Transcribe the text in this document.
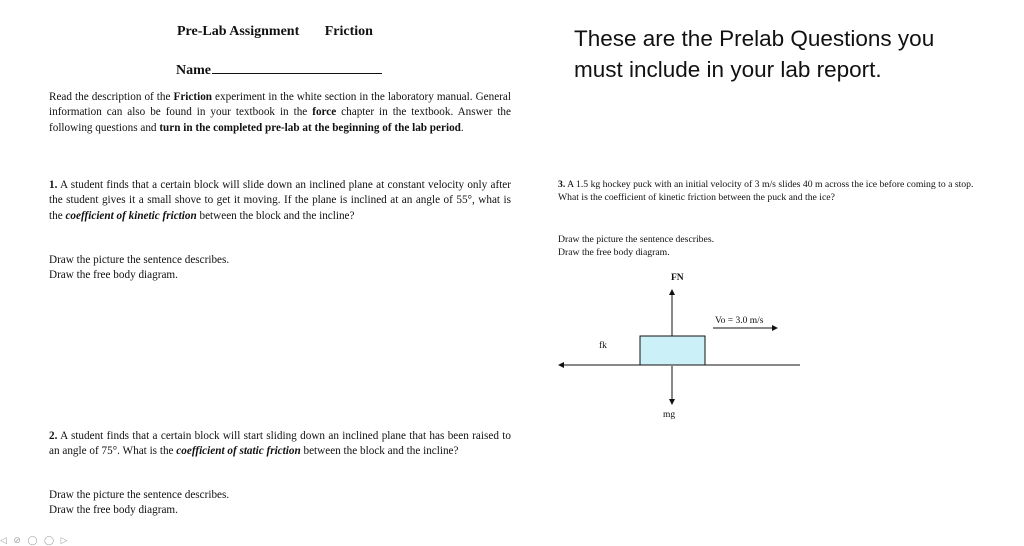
Pre-Lab Assignment Friction
Name
Read the description of the Friction experiment in the white section in the laboratory manual. General information can also be found in your textbook in the force chapter in the textbook. Answer the following questions and turn in the completed pre-lab at the beginning of the lab period.
These are the Prelab Questions you
must include in your lab report.
1. A student finds that a certain block will slide down an inclined plane at constant velocity only after the student gives it a small shove to get it moving. If the plane is inclined at an angle of 55°, what is the coefficient of kinetic friction between the block and the incline?
Draw the picture the sentence describes.
Draw the free body diagram.
2. A student finds that a certain block will start sliding down an inclined plane that has been raised to an angle of 75°. What is the coefficient of static friction between the block and the incline?
Draw the picture the sentence describes.
Draw the free body diagram.
3. A 1.5 kg hockey puck with an initial velocity of 3 m/s slides 40 m across the ice before coming to a stop. What is the coefficient of kinetic friction between the puck and the ice?
Draw the picture the sentence describes.
Draw the free body diagram.
FN
fk
mg
Vo = 3.0 m/s
◁ ⊘ ◯ ◯ ▷
